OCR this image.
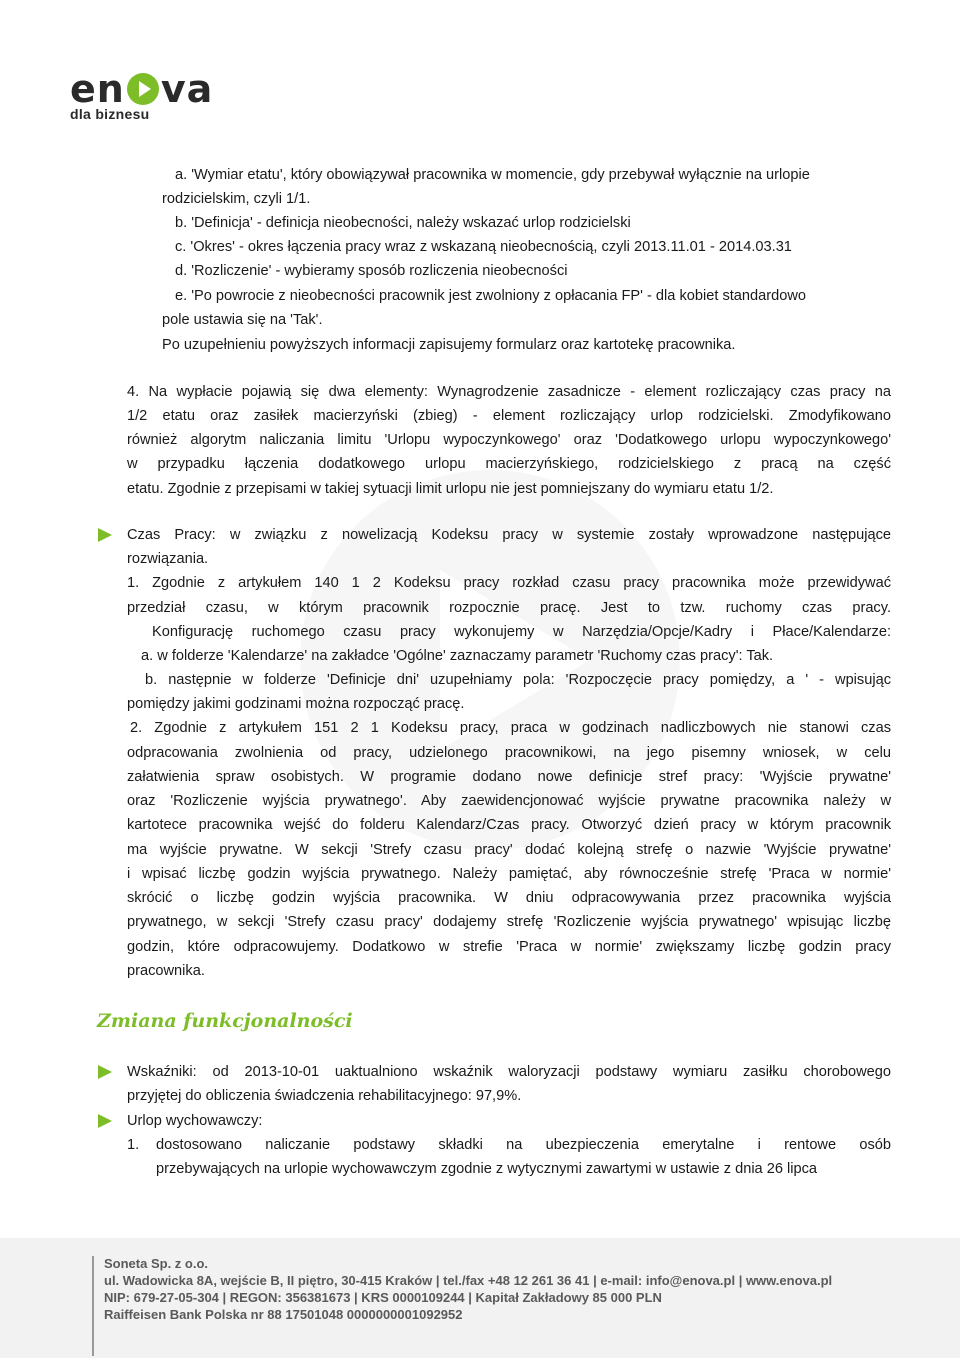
en va
dla biznesu
a. 'Wymiar etatu', który obowiązywał pracownika w momencie, gdy przebywał wyłącznie na urlopie
rodzicielskim, czyli 1/1.
b. 'Definicja' - definicja nieobecności, należy wskazać urlop rodzicielski
c. 'Okres' - okres łączenia pracy wraz z wskazaną nieobecnością, czyli 2013.11.01 - 2014.03.31
d. 'Rozliczenie' - wybieramy sposób rozliczenia nieobecności
e. 'Po powrocie z nieobecności pracownik jest zwolniony z opłacania FP' - dla kobiet standardowo
pole ustawia się na 'Tak'.
Po uzupełnieniu powyższych informacji zapisujemy formularz oraz kartotekę pracownika.
4. Na wypłacie pojawią się dwa elementy: Wynagrodzenie zasadnicze - element rozliczający czas pracy na
1/2 etatu oraz zasiłek macierzyński (zbieg) - element rozliczający urlop rodzicielski. Zmodyfikowano
również algorytm naliczania limitu 'Urlopu wypoczynkowego' oraz 'Dodatkowego urlopu wypoczynkowego'
w przypadku łączenia dodatkowego urlopu macierzyńskiego, rodzicielskiego z pracą na część
etatu. Zgodnie z przepisami w takiej sytuacji limit urlopu nie jest pomniejszany do wymiaru etatu 1/2.
Czas Pracy: w związku z nowelizacją Kodeksu pracy w systemie zostały wprowadzone następujące
rozwiązania.
1. Zgodnie z artykułem 140 1 2 Kodeksu pracy rozkład czasu pracy pracownika może przewidywać
przedział czasu, w którym pracownik rozpocznie pracę. Jest to tzw. ruchomy czas pracy.
Konfigurację ruchomego czasu pracy wykonujemy w Narzędzia/Opcje/Kadry i Płace/Kalendarze:
a. w folderze 'Kalendarze' na zakładce 'Ogólne' zaznaczamy parametr 'Ruchomy czas pracy': Tak.
b. następnie w folderze 'Definicje dni' uzupełniamy pola: 'Rozpoczęcie pracy pomiędzy, a ' - wpisując
pomiędzy jakimi godzinami można rozpocząć pracę.
2. Zgodnie z artykułem 151 2 1 Kodeksu pracy, praca w godzinach nadliczbowych nie stanowi czas
odpracowania zwolnienia od pracy, udzielonego pracownikowi, na jego pisemny wniosek, w celu
załatwienia spraw osobistych. W programie dodano nowe definicje stref pracy: 'Wyjście prywatne'
oraz 'Rozliczenie wyjścia prywatnego'. Aby zaewidencjonować wyjście prywatne pracownika należy w
kartotece pracownika wejść do folderu Kalendarz/Czas pracy. Otworzyć dzień pracy w którym pracownik
ma wyjście prywatne. W sekcji 'Strefy czasu pracy' dodać kolejną strefę o nazwie 'Wyjście prywatne'
i wpisać liczbę godzin wyjścia prywatnego. Należy pamiętać, aby równocześnie strefę 'Praca w normie'
skrócić o liczbę godzin wyjścia pracownika. W dniu odpracowywania przez pracownika wyjścia
prywatnego, w sekcji 'Strefy czasu pracy' dodajemy strefę 'Rozliczenie wyjścia prywatnego' wpisując liczbę
godzin, które odpracowujemy. Dodatkowo w strefie 'Praca w normie' zwiększamy liczbę godzin pracy
pracownika.
Zmiana funkcjonalności
Wskaźniki: od 2013-10-01 uaktualniono wskaźnik waloryzacji podstawy wymiaru zasiłku chorobowego
przyjętej do obliczenia świadczenia rehabilitacyjnego: 97,9%.
Urlop wychowawczy:
1. dostosowano naliczanie podstawy składki na ubezpieczenia emerytalne i rentowe osób
przebywających na urlopie wychowawczym zgodnie z wytycznymi zawartymi w ustawie z dnia 26 lipca
Soneta Sp. z o.o.
ul. Wadowicka 8A, wejście B, II piętro, 30-415 Kraków | tel./fax +48 12 261 36 41 | e-mail: info@enova.pl | www.enova.pl
NIP: 679-27-05-304 | REGON: 356381673 | KRS 0000109244 | Kapitał Zakładowy 85 000 PLN
Raiffeisen Bank Polska nr 88 17501048 0000000001092952
